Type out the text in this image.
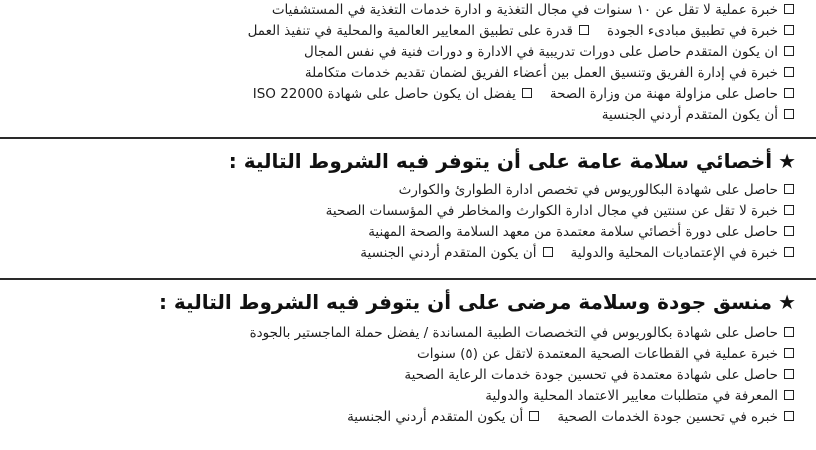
خبرة عملية لا تقل عن ١٠ سنوات في مجال التغذية و ادارة خدمات التغذية في المستشفيات
خبرة في تطبيق مبادىء الجودةقدرة على تطبيق المعايير العالمية والمحلية في تنفيذ العمل
ان يكون المتقدم حاصل على دورات تدريبية في الادارة و دورات فنية في نفس المجال
خبرة في إدارة الفريق وتنسيق العمل بين أعضاء الفريق لضمان تقديم خدمات متكاملة
حاصل على مزاولة مهنة من وزارة الصحةيفضل ان يكون حاصل على شهادة ISO 22000
أن يكون المتقدم أردني الجنسية
★أخصائي سلامة عامة على أن يتوفر فيه الشروط التالية :
حاصل على شهادة البكالوريوس في تخصص ادارة الطوارئ والكوارث
خبرة لا تقل عن سنتين في مجال ادارة الكوارث والمخاطر في المؤسسات الصحية
حاصل على دورة أخصائي سلامة معتمدة من معهد السلامة والصحة المهنية
خبرة في الإعتماديات المحلية والدوليةأن يكون المتقدم أردني الجنسية
★منسق جودة وسلامة مرضى على أن يتوفر فيه الشروط التالية :
حاصل على شهادة بكالوريوس في التخصصات الطبية المساندة / يفضل حملة الماجستير بالجودة
خبرة عملية في القطاعات الصحية المعتمدة لاتقل عن (٥) سنوات
حاصل على شهادة معتمدة في تحسين جودة خدمات الرعاية الصحية
المعرفة في متطلبات معايير الاعتماد المحلية والدولية
خبره في تحسين جودة الخدمات الصحيةأن يكون المتقدم أردني الجنسية
